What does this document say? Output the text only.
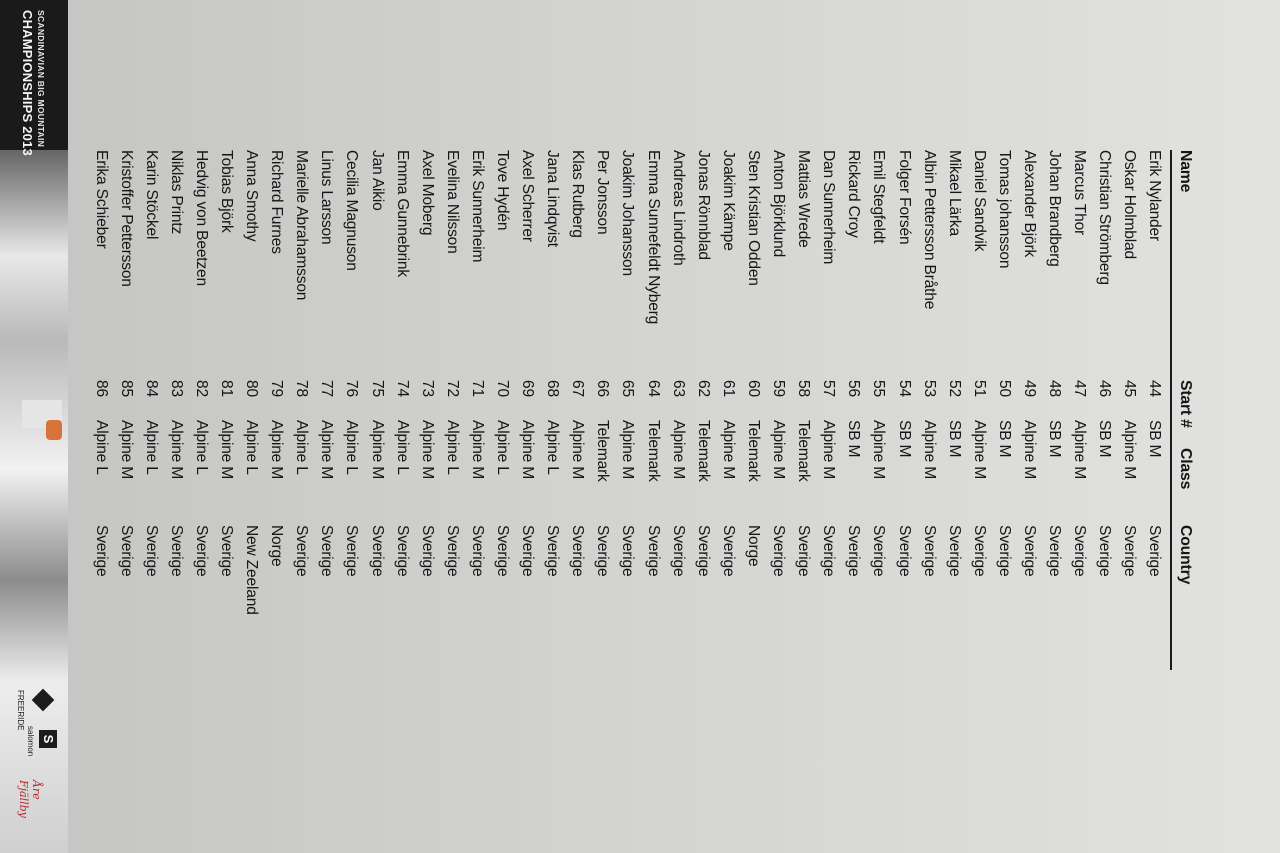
Name
Start #
Class
Country
Erik Nylander
44
SB M
Sverige
Oskar Holmblad
45
Alpine M
Sverige
Christian Strömberg
46
SB M
Sverige
Marcus Thor
47
Alpine M
Sverige
Johan Brandberg
48
SB M
Sverige
Alexander Björk
49
Alpine M
Sverige
Tomas johansson
50
SB M
Sverige
Daniel Sandvik
51
Alpine M
Sverige
Mikael Lärka
52
SB M
Sverige
Albin Pettersson Bråthe
53
Alpine M
Sverige
Folger Forsén
54
SB M
Sverige
Emil Stegfeldt
55
Alpine M
Sverige
Rickard Croy
56
SB M
Sverige
Dan Sunnerheim
57
Alpine M
Sverige
Mattias Wrede
58
Telemark
Sverige
Anton Björklund
59
Alpine M
Sverige
Sten Kristian Odden
60
Telemark
Norge
Joakim Kämpe
61
Alpine M
Sverige
Jonas Rönnblad
62
Telemark
Sverige
Andreas Lindroth
63
Alpine M
Sverige
Emma Sunnefeldt Nyberg
64
Telemark
Sverige
Joakim Johansson
65
Alpine M
Sverige
Per Jonsson
66
Telemark
Sverige
Klas Rutberg
67
Alpine M
Sverige
Jana Lindqvist
68
Alpine L
Sverige
Axel Scherrer
69
Alpine M
Sverige
Tove Hydén
70
Alpine L
Sverige
Erik Sunnerheim
71
Alpine M
Sverige
Evelina Nilsson
72
Alpine L
Sverige
Axel Moberg
73
Alpine M
Sverige
Emma Gunnebrink
74
Alpine L
Sverige
Jan Aikio
75
Alpine M
Sverige
Cecilia Magnuson
76
Alpine L
Sverige
Linus Larsson
77
Alpine M
Sverige
Marielle Abrahamsson
78
Alpine L
Sverige
Richard Furnes
79
Alpine M
Norge
Anna Smothy
80
Alpine L
New Zeeland
Tobias Björk
81
Alpine M
Sverige
Hedvig von Beetzen
82
Alpine L
Sverige
Niklas Printz
83
Alpine M
Sverige
Karin Stöckel
84
Alpine L
Sverige
Kristoffer Pettersson
85
Alpine M
Sverige
Erika Schieber
86
Alpine L
Sverige
SCANDINAVIAN BIG MOUNTAIN
CHAMPIONSHIPS 2013
FREERIDE
S
salomon
Åre Fjällby
